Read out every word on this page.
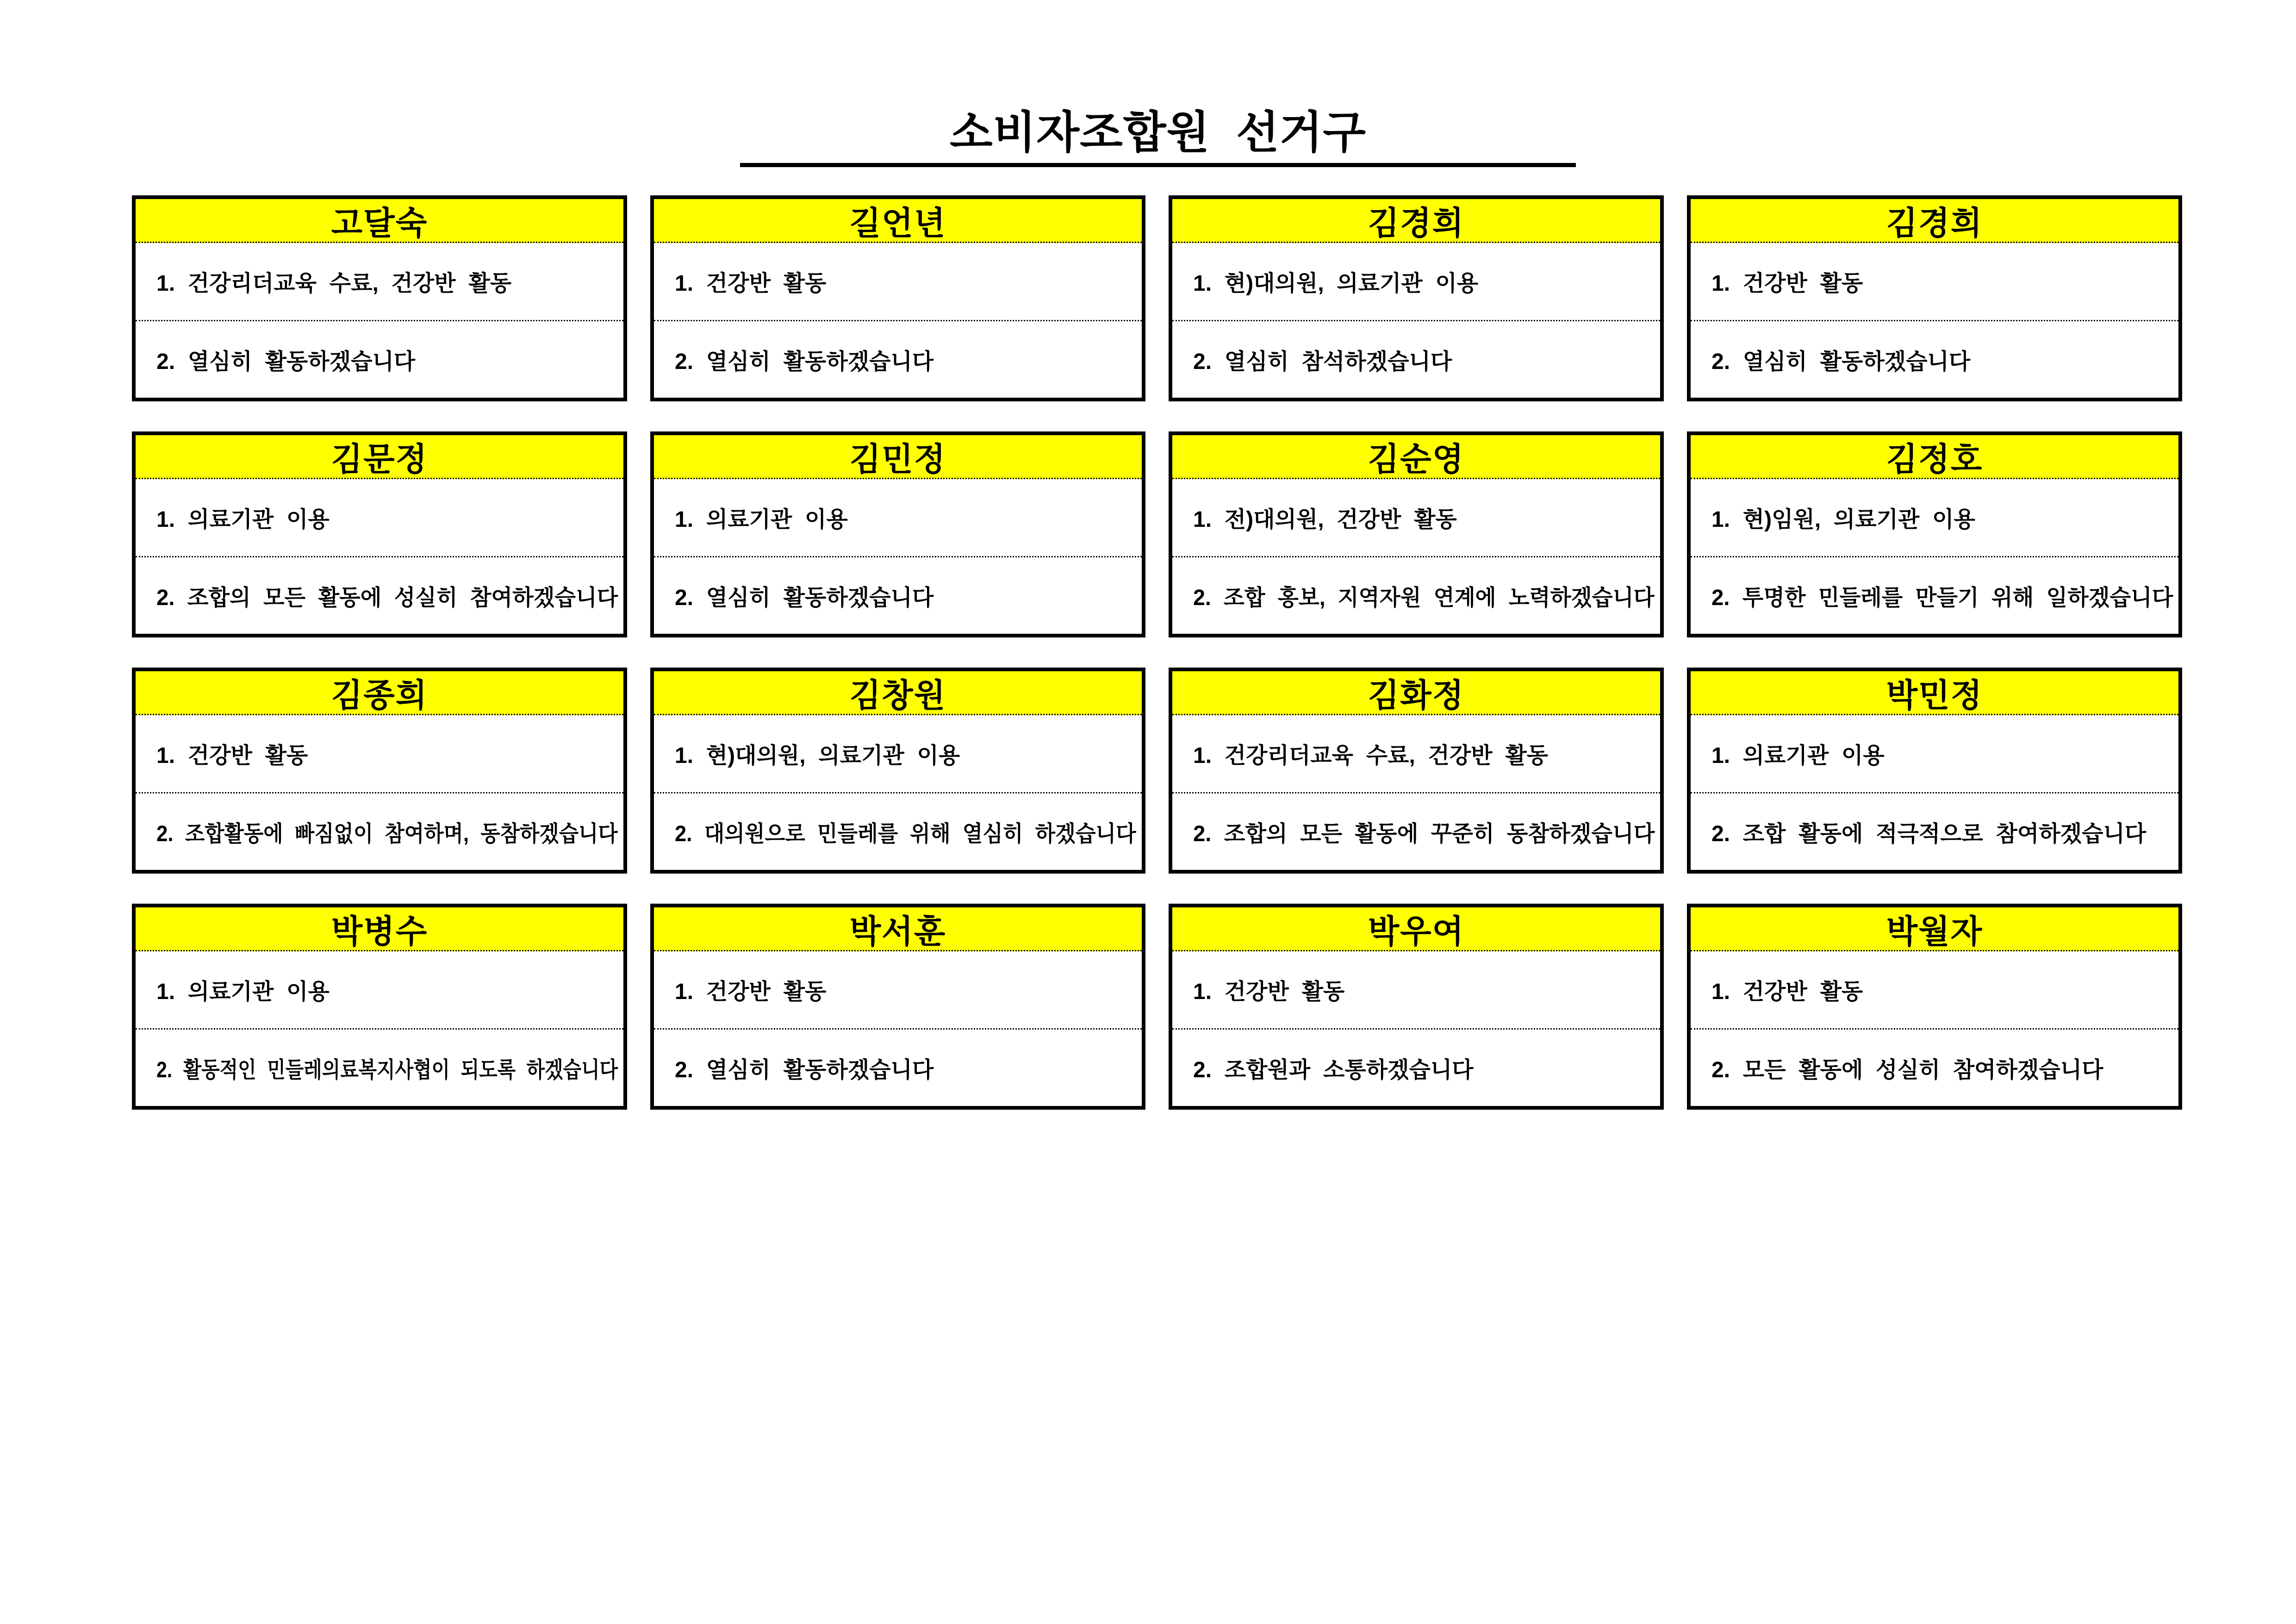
소비자조합원 선거구
고달숙
1. 건강리더교육 수료, 건강반 활동
2. 열심히 활동하겠습니다
길언년
1. 건강반 활동
2. 열심히 활동하겠습니다
김경희
1. 현)대의원, 의료기관 이용
2. 열심히 참석하겠습니다
김경희
1. 건강반 활동
2. 열심히 활동하겠습니다
김문정
1. 의료기관 이용
2. 조합의 모든 활동에 성실히 참여하겠습니다
김민정
1. 의료기관 이용
2. 열심히 활동하겠습니다
김순영
1. 전)대의원, 건강반 활동
2. 조합 홍보, 지역자원 연계에 노력하겠습니다
김정호
1. 현)임원, 의료기관 이용
2. 투명한 민들레를 만들기 위해 일하겠습니다
김종희
1. 건강반 활동
2. 조합활동에 빠짐없이 참여하며, 동참하겠습니다
김창원
1. 현)대의원, 의료기관 이용
2. 대의원으로 민들레를 위해 열심히 하겠습니다
김화정
1. 건강리더교육 수료, 건강반 활동
2. 조합의 모든 활동에 꾸준히 동참하겠습니다
박민정
1. 의료기관 이용
2. 조합 활동에 적극적으로 참여하겠습니다
박병수
1. 의료기관 이용
2. 활동적인 민들레의료복지사협이 되도록 하겠습니다
박서훈
1. 건강반 활동
2. 열심히 활동하겠습니다
박우여
1. 건강반 활동
2. 조합원과 소통하겠습니다
박월자
1. 건강반 활동
2. 모든 활동에 성실히 참여하겠습니다
